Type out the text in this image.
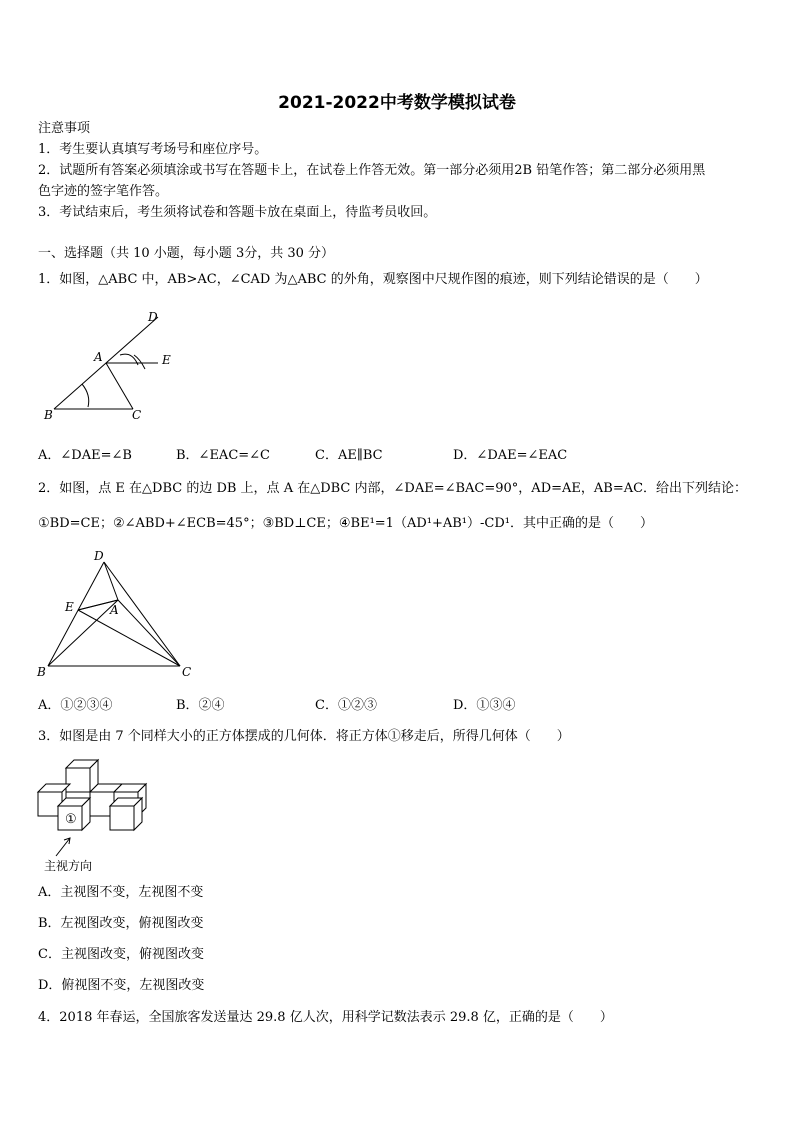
2021-2022中考数学模拟试卷
注意事项
1．考生要认真填写考场号和座位序号。
2．试题所有答案必须填涂或书写在答题卡上，在试卷上作答无效。第一部分必须用2B 铅笔作答；第二部分必须用黑
色字迹的签字笔作答。
3．考试结束后，考生须将试卷和答题卡放在桌面上，待监考员收回。
一、选择题（共 10 小题，每小题 3分，共 30 分）
1．如图，△ABC 中，AB>AC，∠CAD 为△ABC 的外角，观察图中尺规作图的痕迹，则下列结论错误的是（　　）
D
A	E
B	C
A．∠DAE=∠B	B．∠EAC=∠C	C．AE∥BC	D．∠DAE=∠EAC
2．如图，点 E 在△DBC 的边 DB 上，点 A 在△DBC 内部，∠DAE=∠BAC=90°，AD=AE，AB=AC．给出下列结论：
①BD=CE；②∠ABD+∠ECB=45°；③BD⊥CE；④BE¹=1（AD¹+AB¹）-CD¹．其中正确的是（　　）
D
E	A
B	C
A．①②③④	B．②④	C．①②③	D．①③④
3．如图是由 7 个同样大小的正方体摆成的几何体．将正方体①移走后，所得几何体（　　）
①
主视方向
A．主视图不变，左视图不变
B．左视图改变，俯视图改变
C．主视图改变，俯视图改变
D．俯视图不变，左视图改变
4．2018 年春运，全国旅客发送量达 29.8 亿人次，用科学记数法表示 29.8 亿，正确的是（　　）
